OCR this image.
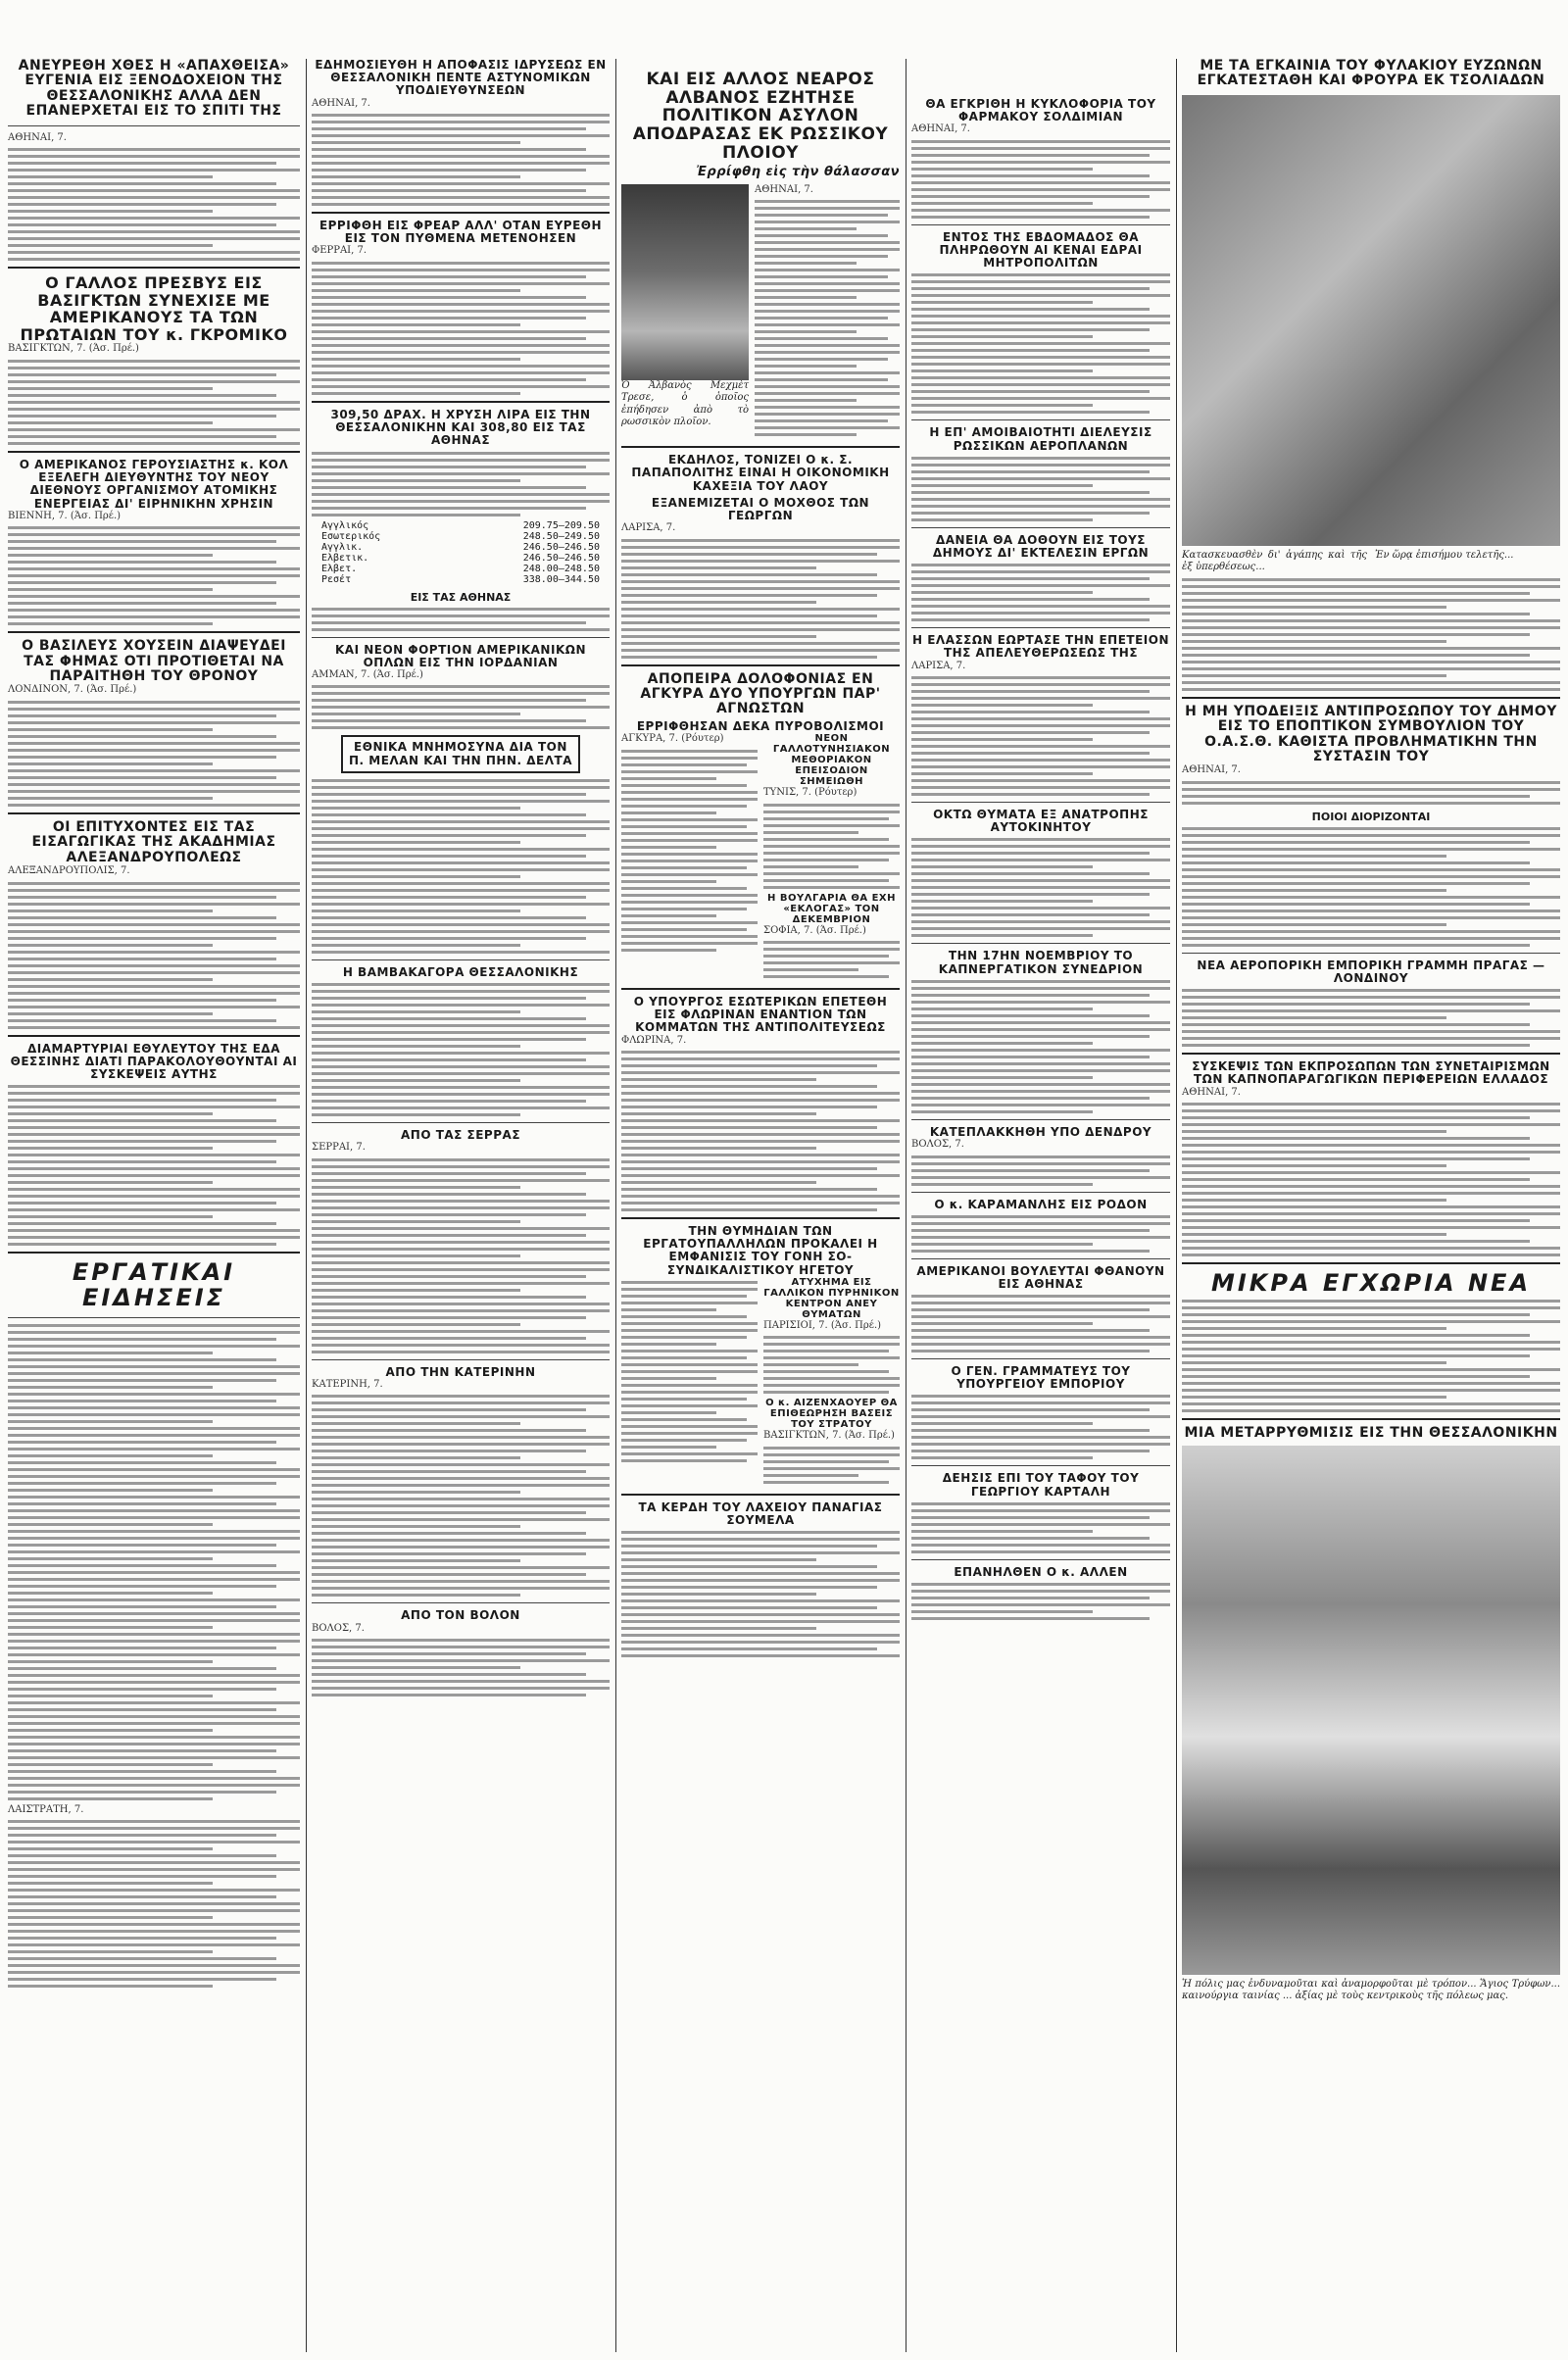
ΑΝΕΥΡΕΘΗ ΧΘΕΣ Η «ΑΠΑΧΘΕΙΣΑ» ΕΥΓΕΝΙΑ ΕΙΣ ΞΕΝΟΔΟΧΕΙΟΝ ΤΗΣ ΘΕΣΣΑΛΟΝΙΚΗΣ ΑΛΛΑ ΔΕΝ ΕΠΑΝΕΡΧΕΤΑΙ ΕΙΣ ΤΟ ΣΠΙΤΙ ΤΗΣ
ΑΘΗΝΑΙ, 7.
Ο ΓΑΛΛΟΣ ΠΡΕΣΒΥΣ ΕΙΣ ΒΑΣΙΓΚΤΩΝ ΣΥΝΕΧΙΣΕ ΜΕ ΑΜΕΡΙΚΑΝΟΥΣ ΤΑ ΤΩΝ ΠΡΩΤΑΙΩΝ ΤΟΥ κ. ΓΚΡΟΜΙΚΟ
ΒΑΣΙΓΚΤΩΝ, 7. (Άσ. Πρέ.)
Ο ΑΜΕΡΙΚΑΝΟΣ ΓΕΡΟΥΣΙΑΣΤΗΣ κ. ΚΟΛ ΕΞΕΛΕΓΗ ΔΙΕΥΘΥΝΤΗΣ ΤΟΥ ΝΕΟΥ ΔΙΕΘΝΟΥΣ ΟΡΓΑΝΙΣΜΟΥ ΑΤΟΜΙΚΗΣ ΕΝΕΡΓΕΙΑΣ ΔΙ' ΕΙΡΗΝΙΚΗΝ ΧΡΗΣΙΝ
ΒΙΕΝΝΗ, 7. (Άσ. Πρέ.)
Ο ΒΑΣΙΛΕΥΣ ΧΟΥΣΕΙΝ ΔΙΑΨΕΥΔΕΙ ΤΑΣ ΦΗΜΑΣ ΟΤΙ ΠΡΟΤΙΘΕΤΑΙ ΝΑ ΠΑΡΑΙΤΗΘΗ ΤΟΥ ΘΡΟΝΟΥ
ΛΟΝΔΙΝΟΝ, 7. (Άσ. Πρέ.)
ΟΙ ΕΠΙΤΥΧΟΝΤΕΣ ΕΙΣ ΤΑΣ ΕΙΣΑΓΩΓΙΚΑΣ ΤΗΣ ΑΚΑΔΗΜΙΑΣ ΑΛΕΞΑΝΔΡΟΥΠΟΛΕΩΣ
ΑΛΕΞΑΝΔΡΟΥΠΟΛΙΣ, 7.
ΔΙΑΜΑΡΤΥΡΙΑΙ ΕΘΥΛΕΥΤΟΥ ΤΗΣ ΕΔΑ ΘΕΣΣΙΝΗΣ ΔΙΑΤΙ ΠΑΡΑΚΟΛΟΥΘΟΥΝΤΑΙ ΑΙ ΣΥΣΚΕΨΕΙΣ ΑΥΤΗΣ
ΕΡΓΑΤΙΚΑΙ ΕΙΔΗΣΕΙΣ
ΛΑΙΣΤΡΑΤΗ, 7.
ΕΔΗΜΟΣΙΕΥΘΗ Η ΑΠΟΦΑΣΙΣ ΙΔΡΥΣΕΩΣ ΕΝ ΘΕΣΣΑΛΟΝΙΚΗ ΠΕΝΤΕ ΑΣΤΥΝΟΜΙΚΩΝ ΥΠΟΔΙΕΥΘΥΝΣΕΩΝ
ΑΘΗΝΑΙ, 7.
ΕΡΡΙΦΘΗ ΕΙΣ ΦΡΕΑΡ ΑΛΛ' ΟΤΑΝ ΕΥΡΕΘΗ ΕΙΣ ΤΟΝ ΠΥΘΜΕΝΑ ΜΕΤΕΝΟΗΣΕΝ
ΦΕΡΡΑΙ, 7.
309,50 ΔΡΑΧ. Η ΧΡΥΣΗ ΛΙΡΑ ΕΙΣ ΤΗΝ ΘΕΣΣΑΛΟΝΙΚΗΝ ΚΑΙ 308,80 ΕΙΣ ΤΑΣ ΑΘΗΝΑΣ
Αγγλικός	209.75—209.50
Εσωτερικός	248.50—249.50
Αγγλικ.	246.50—246.50
Ελβετικ.	246.50—246.50
Ελβετ.	248.00—248.50
Ρεσέτ	338.00—344.50
ΕΙΣ ΤΑΣ ΑΘΗΝΑΣ
ΚΑΙ ΝΕΟΝ ΦΟΡΤΙΟΝ ΑΜΕΡΙΚΑΝΙΚΩΝ ΟΠΛΩΝ ΕΙΣ ΤΗΝ ΙΟΡΔΑΝΙΑΝ
ΑΜΜΑΝ, 7. (Άσ. Πρέ.)
ΕΘΝΙΚΑ ΜΝΗΜΟΣΥΝΑ ΔΙΑ ΤΟΝ Π. ΜΕΛΑΝ ΚΑΙ ΤΗΝ ΠΗΝ. ΔΕΛΤΑ
Η ΒΑΜΒΑΚΑΓΟΡΑ ΘΕΣΣΑΛΟΝΙΚΗΣ
ΑΠΟ ΤΑΣ ΣΕΡΡΑΣ
ΣΕΡΡΑΙ, 7.
ΑΠΟ ΤΗΝ ΚΑΤΕΡΙΝΗΝ
ΚΑΤΕΡΙΝΗ, 7.
ΑΠΟ ΤΟΝ ΒΟΛΟΝ
ΒΟΛΟΣ, 7.
ΚΑΙ ΕΙΣ ΑΛΛΟΣ ΝΕΑΡΟΣ ΑΛΒΑΝΟΣ ΕΖΗΤΗΣΕ ΠΟΛΙΤΙΚΟΝ ΑΣΥΛΟΝ ΑΠΟΔΡΑΣΑΣ ΕΚ ΡΩΣΣΙΚΟΥ ΠΛΟΙΟΥ
Ἐρρίφθη εἰς τὴν θάλασσαν
Ὁ Ἀλβανὸς Μεχμὲτ Τρεσε, ὁ ὁποῖος ἐπήδησεν ἀπὸ τὸ ρωσσικὸν πλοῖον.
ΑΘΗΝΑΙ, 7.
ΕΚΔΗΛΟΣ, ΤΟΝΙΖΕΙ Ο κ. Σ. ΠΑΠΑΠΟΛΙΤΗΣ ΕΙΝΑΙ Η ΟΙΚΟΝΟΜΙΚΗ ΚΑΧΕΞΙΑ ΤΟΥ ΛΑΟΥ
ΕΞΑΝΕΜΙΖΕΤΑΙ Ο ΜΟΧΘΟΣ ΤΩΝ ΓΕΩΡΓΩΝ
ΛΑΡΙΣΑ, 7.
ΑΠΟΠΕΙΡΑ ΔΟΛΟΦΟΝΙΑΣ ΕΝ ΑΓΚΥΡΑ ΔΥΟ ΥΠΟΥΡΓΩΝ ΠΑΡ' ΑΓΝΩΣΤΩΝ
ΕΡΡΙΦΘΗΣΑΝ ΔΕΚΑ ΠΥΡΟΒΟΛΙΣΜΟΙ
ΑΓΚΥΡΑ, 7. (Ρόυτερ)	ΝΕΟΝ ΓΑΛΛΟΤΥΝΗΣΙΑΚΟΝ ΜΕΘΟΡΙΑΚΟΝ ΕΠΕΙΣΟΔΙΟΝ ΣΗΜΕΙΩΘΗ
ΤΥΝΙΣ, 7. (Ρόυτερ)
Η ΒΟΥΛΓΑΡΙΑ ΘΑ ΕΧΗ «ΕΚΛΟΓΑΣ» ΤΟΝ ΔΕΚΕΜΒΡΙΟΝ
ΣΟΦΙΑ, 7. (Άσ. Πρέ.)
Ο ΥΠΟΥΡΓΟΣ ΕΣΩΤΕΡΙΚΩΝ ΕΠΕΤΕΘΗ ΕΙΣ ΦΛΩΡΙΝΑΝ ΕΝΑΝΤΙΟΝ ΤΩΝ ΚΟΜΜΑΤΩΝ ΤΗΣ ΑΝΤΙΠΟΛΙΤΕΥΣΕΩΣ
ΦΛΩΡΙΝΑ, 7.
ΤΗΝ ΘΥΜΗΔΙΑΝ ΤΩΝ ΕΡΓΑΤΟΥΠΑΛΛΗΛΩΝ ΠΡΟΚΑΛΕΙ Η ΕΜΦΑΝΙΣΙΣ ΤΟΥ ΓΟΝΗ ΣΟ-ΣΥΝΔΙΚΑΛΙΣΤΙΚΟΥ ΗΓΕΤΟΥ
ΑΤΥΧΗΜΑ ΕΙΣ ΓΑΛΛΙΚΟΝ ΠΥΡΗΝΙΚΟΝ ΚΕΝΤΡΟΝ ΑΝΕΥ ΘΥΜΑΤΩΝ
ΠΑΡΙΣΙΟΙ, 7. (Άσ. Πρέ.)
Ο κ. ΑΙΖΕΝΧΑΟΥΕΡ ΘΑ ΕΠΙΘΕΩΡΗΣΗ ΒΑΣΕΙΣ ΤΟΥ ΣΤΡΑΤΟΥ
ΒΑΣΙΓΚΤΩΝ, 7. (Άσ. Πρέ.)
ΤΑ ΚΕΡΔΗ ΤΟΥ ΛΑΧΕΙΟΥ ΠΑΝΑΓΙΑΣ ΣΟΥΜΕΛΑ
ΘΑ ΕΓΚΡΙΘΗ Η ΚΥΚΛΟΦΟΡΙΑ ΤΟΥ ΦΑΡΜΑΚΟΥ ΣΟΛΔΙΜΙΑΝ
ΑΘΗΝΑΙ, 7.
ΕΝΤΟΣ ΤΗΣ ΕΒΔΟΜΑΔΟΣ ΘΑ ΠΛΗΡΩΘΟΥΝ ΑΙ ΚΕΝΑΙ ΕΔΡΑΙ ΜΗΤΡΟΠΟΛΙΤΩΝ
Η ΕΠ' ΑΜΟΙΒΑΙΟΤΗΤΙ ΔΙΕΛΕΥΣΙΣ ΡΩΣΣΙΚΩΝ ΑΕΡΟΠΛΑΝΩΝ
ΔΑΝΕΙΑ ΘΑ ΔΟΘΟΥΝ ΕΙΣ ΤΟΥΣ ΔΗΜΟΥΣ ΔΙ' ΕΚΤΕΛΕΣΙΝ ΕΡΓΩΝ
Η ΕΛΑΣΣΩΝ ΕΩΡΤΑΣΕ ΤΗΝ ΕΠΕΤΕΙΟΝ ΤΗΣ ΑΠΕΛΕΥΘΕΡΩΣΕΩΣ ΤΗΣ
ΛΑΡΙΣΑ, 7.
ΟΚΤΩ ΘΥΜΑΤΑ ΕΞ ΑΝΑΤΡΟΠΗΣ ΑΥΤΟΚΙΝΗΤΟΥ
ΤΗΝ 17ΗΝ ΝΟΕΜΒΡΙΟΥ ΤΟ ΚΑΠΝΕΡΓΑΤΙΚΟΝ ΣΥΝΕΔΡΙΟΝ
ΚΑΤΕΠΛΑΚΚΗΘΗ ΥΠΟ ΔΕΝΔΡΟΥ
ΒΟΛΟΣ, 7.
Ο κ. ΚΑΡΑΜΑΝΛΗΣ ΕΙΣ ΡΟΔΟΝ
ΑΜΕΡΙΚΑΝΟΙ ΒΟΥΛΕΥΤΑΙ ΦΘΑΝΟΥΝ ΕΙΣ ΑΘΗΝΑΣ
Ο ΓΕΝ. ΓΡΑΜΜΑΤΕΥΣ ΤΟΥ ΥΠΟΥΡΓΕΙΟΥ ΕΜΠΟΡΙΟΥ
ΔΕΗΣΙΣ ΕΠΙ ΤΟΥ ΤΑΦΟΥ ΤΟΥ ΓΕΩΡΓΙΟΥ ΚΑΡΤΑΛΗ
ΕΠΑΝΗΛΘΕΝ Ο κ. ΑΛΛΕΝ
ΜΕ ΤΑ ΕΓΚΑΙΝΙΑ ΤΟΥ ΦΥΛΑΚΙΟΥ ΕΥΖΩΝΩΝ ΕΓΚΑΤΕΣΤΑΘΗ ΚΑΙ ΦΡΟΥΡΑ ΕΚ ΤΣΟΛΙΑΔΩΝ
Κατασκευασθὲν δι' ἀγάπης καὶ τῆς ἐξ ὑπερθέσεως...
Ἐν ὥρᾳ ἐπισήμου τελετῆς...
Η ΜΗ ΥΠΟΔΕΙΞΙΣ ΑΝΤΙΠΡΟΣΩΠΟΥ ΤΟΥ ΔΗΜΟΥ ΕΙΣ ΤΟ ΕΠΟΠΤΙΚΟΝ ΣΥΜΒΟΥΛΙΟΝ ΤΟΥ Ο.Α.Σ.Θ. ΚΑΘΙΣΤΑ ΠΡΟΒΛΗΜΑΤΙΚΗΝ ΤΗΝ ΣΥΣΤΑΣΙΝ ΤΟΥ
ΑΘΗΝΑΙ, 7.
ΠΟΙΟΙ ΔΙΟΡΙΖΟΝΤΑΙ
ΝΕΑ ΑΕΡΟΠΟΡΙΚΗ ΕΜΠΟΡΙΚΗ ΓΡΑΜΜΗ ΠΡΑΓΑΣ — ΛΟΝΔΙΝΟΥ
ΣΥΣΚΕΨΙΣ ΤΩΝ ΕΚΠΡΟΣΩΠΩΝ ΤΩΝ ΣΥΝΕΤΑΙΡΙΣΜΩΝ ΤΩΝ ΚΑΠΝΟΠΑΡΑΓΩΓΙΚΩΝ ΠΕΡΙΦΕΡΕΙΩΝ ΕΛΛΑΔΟΣ
ΑΘΗΝΑΙ, 7.
ΜΙΚΡΑ ΕΓΧΩΡΙΑ ΝΕΑ
ΜΙΑ ΜΕΤΑΡΡΥΘΜΙΣΙΣ ΕΙΣ ΤΗΝ ΘΕΣΣΑΛΟΝΙΚΗΝ
Ἡ πόλις μας ἐνδυναμοῦται καὶ ἀναμορφοῦται μὲ τρόπον... Ἅγιος Τρύφων... καινούργια ταινίας ... ἀξίας μὲ τοὺς κεντρικοὺς τῆς πόλεως μας.
